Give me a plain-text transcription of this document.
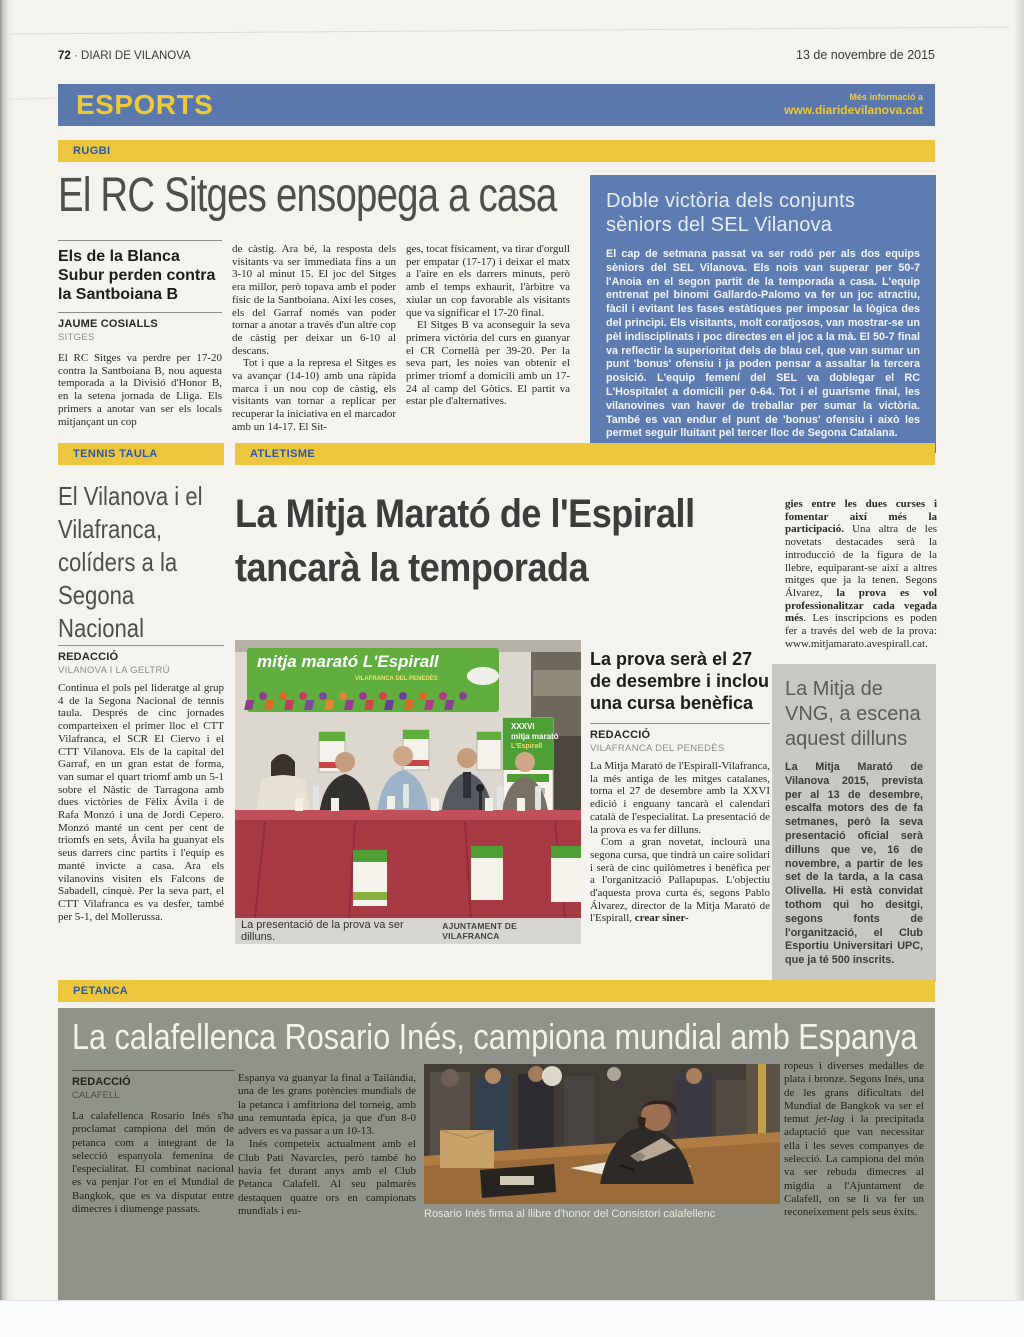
72 · DIARI DE VILANOVA	13 de novembre de 2015
ESPORTS	Més informació a
www.diaridevilanova.cat
RUGBI
El RC Sitges ensopega a casa
Els de la Blanca Subur perden contra la Santboiana B
JAUME COSIALLS
SITGES

El RC Sitges va perdre per 17-20 contra la Santboiana B, nou aquesta temporada a la Divisió d'Honor B, en la setena jornada de Lliga. Els primers a anotar van ser els locals mitjançant un cop

de càstig. Ara bé, la resposta dels visitants va ser immediata fins a un 3-10 al minut 15. El joc del Sitges era millor, però topava amb el poder físic de la Santboiana. Així les coses, els del Garraf només van poder tornar a anotar a través d'un altre cop de càstig per deixar un 6-10 al descans.

Tot i que a la represa el Sitges es va avançar (14-10) amb una ràpida marca i un nou cop de càstig, els visitants van tornar a replicar per recuperar la iniciativa en el marcador amb un 14-17. El Sit-

ges, tocat físicament, va tirar d'orgull per empatar (17-17) i deixar el matx a l'aire en els darrers minuts, però amb el temps exhaurit, l'àrbitre va xiular un cop favorable als visitants que va significar el 17-20 final.

El Sitges B va aconseguir la seva primera victòria del curs en guanyar el CR Cornellà per 39-20. Per la seva part, les noies van obtenir el primer triomf a domicili amb un 17-24 al camp del Gòtics. El partit va estar ple d'alternatives.

Doble victòria dels conjunts sèniors del SEL Vilanova
El cap de setmana passat va ser rodó per als dos equips sèniors del SEL Vilanova. Els nois van superar per 50-7 l'Anoia en el segon partit de la temporada a casa. L'equip entrenat pel binomi Gallardo-Palomo va fer un joc atractiu, fàcil i evitant les fases estàtiques per imposar la lògica des del principi. Els visitants, molt coratjosos, van mostrar-se un pèl indisciplinats i poc directes en el joc a la mà. El 50-7 final va reflectir la superioritat dels de blau cel, que van sumar un punt 'bonus' ofensiu i ja poden pensar a assaltar la tercera posició. L'equip femení del SEL va doblegar el RC L'Hospitalet a domicili per 0-64. Tot i el guarisme final, les vilanovines van haver de treballar per sumar la victòria. També es van endur el punt de 'bonus' ofensiu i això les permet seguir lluitant pel tercer lloc de Segona Catalana.
TENNIS TAULA	ATLETISME
El Vilanova i el Vilafranca, colíders a la Segona Nacional
REDACCIÓ
VILANOVA I LA GELTRÚ

Continua el pols pel lideratge al grup 4 de la Segona Nacional de tennis taula. Després de cinc jornades comparteixen el primer lloc el CTT Vilafranca, el SCR El Ciervo i el CTT Vilanova. Els de la capital del Garraf, en un gran estat de forma, van sumar el quart triomf amb un 5-1 sobre el Nàstic de Tarragona amb dues victòries de Fèlix Ávila i de Rafa Monzó i una de Jordi Cepero. Monzó manté un cent per cent de triomfs en sets, Ávila ha guanyat els seus darrers cinc partits i l'equip es manté invicte a casa. Ara els vilanovins visiten els Falcons de Sabadell, cinquè. Per la seva part, el CTT Vilafranca es va desfer, també per 5-1, del Mollerussa.

La Mitja Marató de l'Espirall
tancarà la temporada
mitja marató L'Espirall
VILAFRANCA DEL PENEDÈS
XXXVI
mitja marató
L'Espirall
La presentació de la prova va ser dilluns.
AJUNTAMENT DE VILAFRANCA
La prova serà el 27 de desembre i inclou una cursa benèfica
REDACCIÓ
VILAFRANCA DEL PENEDÈS

La Mitja Marató de l'Espirall-Vilafranca, la més antiga de les mitges catalanes, torna el 27 de desembre amb la XXVI edició i enguany tancarà el calendari català de l'especialitat. La presentació de la prova es va fer dilluns.

Com a gran novetat, inclourà una segona cursa, que tindrà un caire solidari i serà de cinc quilòmetres i benèfica per a l'organització Pallapupas. L'objectiu d'aquesta prova curta és, segons Pablo Álvarez, director de la Mitja Marató de l'Espirall, crear siner-

gies entre les dues curses i fomentar així més la participació. Una altra de les novetats destacades serà la introducció de la figura de la llebre, equiparant-se així a altres mitges que ja la tenen. Segons Álvarez, la prova es vol professionalitzar cada vegada més. Les inscripcions es poden fer a través del web de la prova: www.mitjamarato.avespirall.cat.

La Mitja de VNG, a escena aquest dilluns
La Mitja Marató de Vilanova 2015, prevista per al 13 de desembre, escalfa motors des de fa setmanes, però la seva presentació oficial serà dilluns que ve, 16 de novembre, a partir de les set de la tarda, a la casa Olivella. Hi està convidat tothom qui ho desitgi, segons fonts de l'organització, el Club Esportiu Universitari UPC, que ja té 500 inscrits.
PETANCA
La calafellenca Rosario Inés, campiona mundial amb Espanya
REDACCIÓ
CALAFELL

La calafellenca Rosario Inés s'ha proclamat campiona del món de petanca com a integrant de la selecció espanyola femenina de l'especialitat. El combinat nacional es va penjar l'or en el Mundial de Bangkok, que es va disputar entre dimecres i diumenge passats.

Espanya va guanyar la final a Tailàndia, una de les grans potències mundials de la petanca i amfitriona del torneig, amb una remuntada èpica, ja que d'un 8-0 advers es va passar a un 10-13.

Inés competeix actualment amb el Club Patí Navarcles, però també ho havia fet durant anys amb el Club Petanca Calafell. Al seu palmarès destaquen quatre ors en campionats mundials i eu-	Rosario Inés firma al llibre d'honor del Consistori calafellenc

ropeus i diverses medalles de plata i bronze. Segons Inés, una de les grans dificultats del Mundial de Bangkok va ser el temut jet-lag i la precipitada adaptació que van necessitar ella i les seves companyes de selecció. La campiona del món va ser rebuda dimecres al migdia a l'Ajuntament de Calafell, on se li va fer un reconeixement pels seus èxits.
